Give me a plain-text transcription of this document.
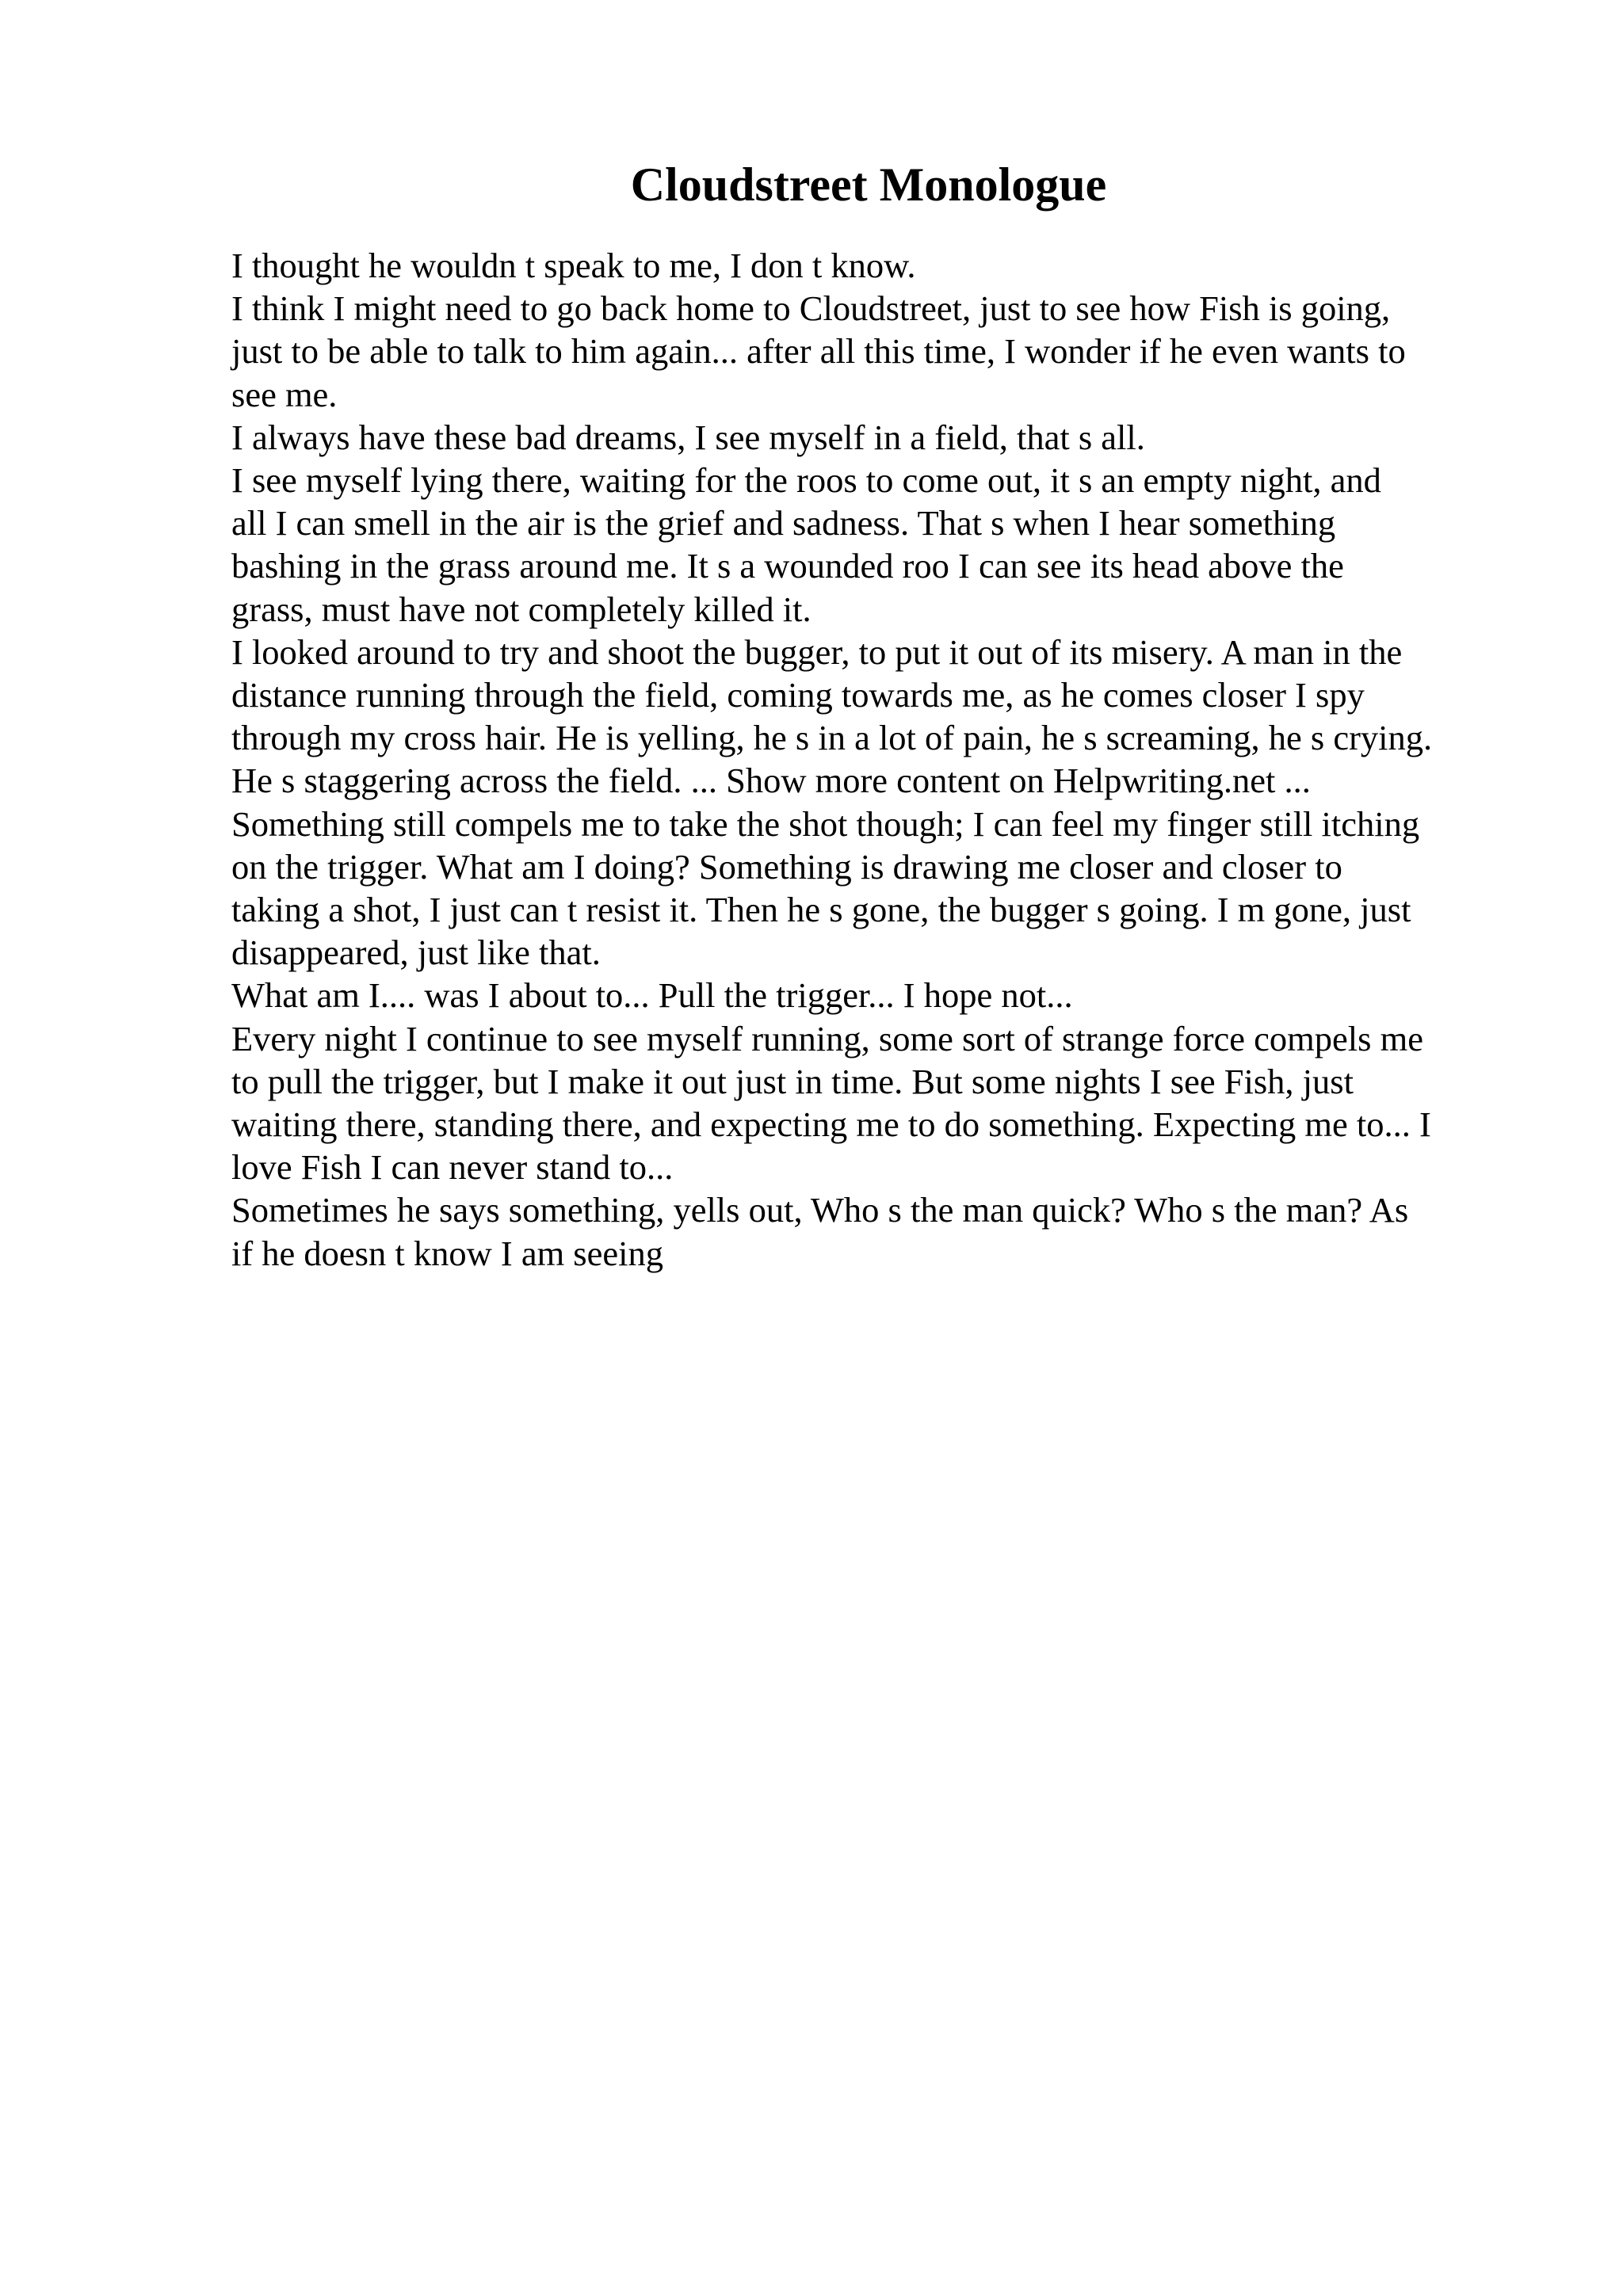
Cloudstreet Monologue
I thought he wouldn t speak to me, I don t know.
I think I might need to go back home to Cloudstreet, just to see how Fish is going,
just to be able to talk to him again... after all this time, I wonder if he even wants to
see me.
I always have these bad dreams, I see myself in a field, that s all.
I see myself lying there, waiting for the roos to come out, it s an empty night, and
all I can smell in the air is the grief and sadness. That s when I hear something
bashing in the grass around me. It s a wounded roo I can see its head above the
grass, must have not completely killed it.
I looked around to try and shoot the bugger, to put it out of its misery. A man in the
distance running through the field, coming towards me, as he comes closer I spy
through my cross hair. He is yelling, he s in a lot of pain, he s screaming, he s crying.
He s staggering across the field. ... Show more content on Helpwriting.net ...
Something still compels me to take the shot though; I can feel my finger still itching
on the trigger. What am I doing? Something is drawing me closer and closer to
taking a shot, I just can t resist it. Then he s gone, the bugger s going. I m gone, just
disappeared, just like that.
What am I.... was I about to... Pull the trigger... I hope not...
Every night I continue to see myself running, some sort of strange force compels me
to pull the trigger, but I make it out just in time. But some nights I see Fish, just
waiting there, standing there, and expecting me to do something. Expecting me to... I
love Fish I can never stand to...
Sometimes he says something, yells out, Who s the man quick? Who s the man? As
if he doesn t know I am seeing
